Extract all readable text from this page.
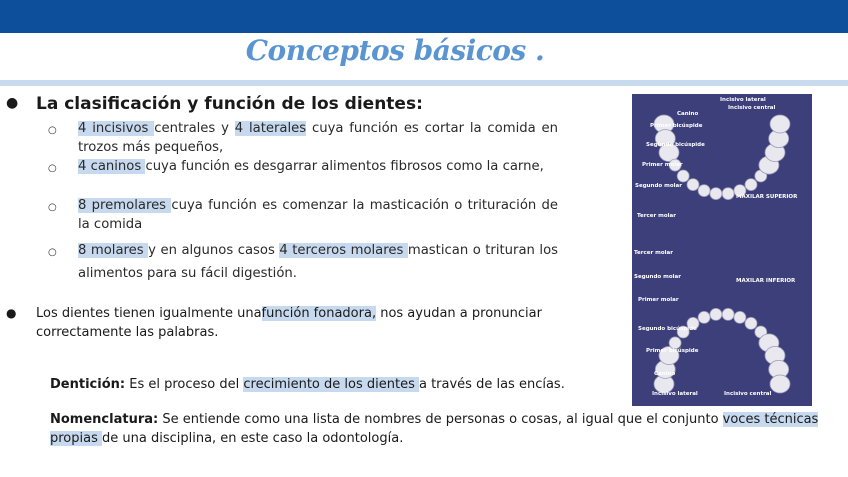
Conceptos básicos .
● La clasificación y función de los dientes:
○ 4 incisivos centrales y 4 laterales cuya función es cortar la comida en trozos más pequeños,
○ 4 caninos cuya función es desgarrar alimentos fibrosos como la carne,
○ 8 premolares cuya función es comenzar la masticación o trituración de la comida
○ 8 molares y en algunos casos 4 terceros molares mastican o trituran los alimentos para su fácil digestión.
● Los dientes tienen igualmente unafunción fonadora, nos ayudan a pronunciar correctamente las palabras.
Dentición: Es el proceso del crecimiento de los dientes a través de las encías.
Nomenclatura: Se entiende como una lista de nombres de personas o cosas, al igual que el conjunto voces técnicas propias de una disciplina, en este caso la odontología.
Incisivo lateral
Incisivo central
Canino
Primer bicúspide
Segundo bicúspide
Primer molar
Segundo molar
Tercer molar
MAXILAR SUPERIOR
Tercer molar
Segundo molar
Primer molar
Segundo bicúspide
Primer bicúspide
Canino
MAXILAR INFERIOR
Incisivo lateral	Incisivo central
